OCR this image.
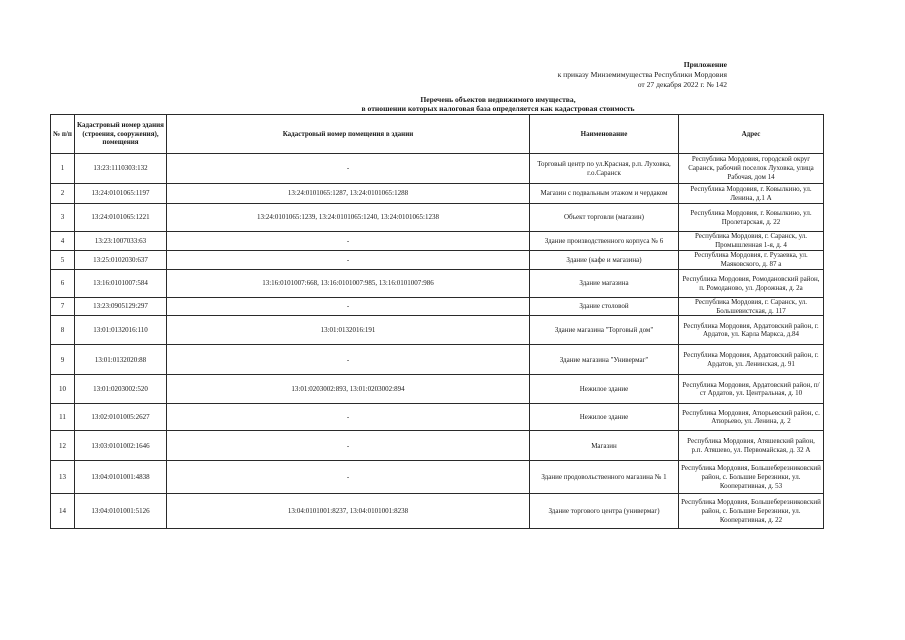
Приложение
к приказу Минземимущества Республики Мордовия
от 27 декабря 2022 г. № 142
Перечень объектов недвижимого имущества,
в отношении которых налоговая база определяется как кадастровая стоимость
№ п/п	Кадастровый номер здания (строения, сооружения), помещения	Кадастровый номер помещения в здании	Наименование	Адрес
1	13:23:1110303:132	-	Торговый центр по ул.Красная, р.п. Луховка, г.о.Саранск	Республика Мордовия, городской округ Саранск, рабочий поселок Луховка, улица Рабочая, дом 14
2	13:24:0101065:1197	13:24:0101065:1287, 13:24:0101065:1288	Магазин с подвальным этажом и чердаком	Республика Мордовия, г. Ковылкино, ул. Ленина, д.1 А
3	13:24:0101065:1221	13:24:0101065:1239, 13:24:0101065:1240, 13:24:0101065:1238	Объект торговли (магазин)	Республика Мордовия, г. Ковылкино, ул. Пролетарская, д. 22
4	13:23:1007033:63	-	Здание производственного корпуса № 6	Республика Мордовия, г. Саранск, ул. Промышленная 1-я, д. 4
5	13:25:0102030:637	-	Здание (кафе и магазина)	Республика Мордовия, г. Рузаевка, ул. Маяковского, д. 87 а
6	13:16:0101007:584	13:16:0101007:668, 13:16:0101007:985, 13:16:0101007:986	Здание магазина	Республика Мордовия, Ромодановский район, п. Ромоданово, ул. Дорожная, д. 2а
7	13:23:0905129:297	-	Здание столовой	Республика Мордовия, г. Саранск, ул. Большевистская, д. 117
8	13:01:0132016:110	13:01:0132016:191	Здание магазина "Торговый дом"	Республика Мордовия, Ардатовский район, г. Ардатов, ул. Карла Маркса, д.84
9	13:01:0132020:88	-	Здание магазина "Универмаг"	Республика Мордовия, Ардатовский район, г. Ардатов, ул. Ленинская, д. 91
10	13:01:0203002:520	13:01:0203002:893, 13:01:0203002:894	Нежилое здание	Республика Мордовия, Ардатовский район, п/ст Ардатов, ул. Центральная, д. 10
11	13:02:0101005:2627	-	Нежилое здание	Республика Мордовия, Атюрьевский район, с. Атюрьево, ул. Ленина, д. 2
12	13:03:0101002:1646	-	Магазин	Республика Мордовия, Атяшевский район, р.п. Атяшево, ул. Первомайская, д. 32 А
13	13:04:0101001:4838	-	Здание продовольственного магазина № 1	Республика Мордовия, Большеберезниковский район, с. Большие Березники, ул. Кооперативная, д. 53
14	13:04:0101001:5126	13:04:0101001:8237, 13:04:0101001:8238	Здание торгового центра (универмаг)	Республика Мордовия, Большеберезниковский район, с. Большие Березники, ул. Кооперативная, д. 22
